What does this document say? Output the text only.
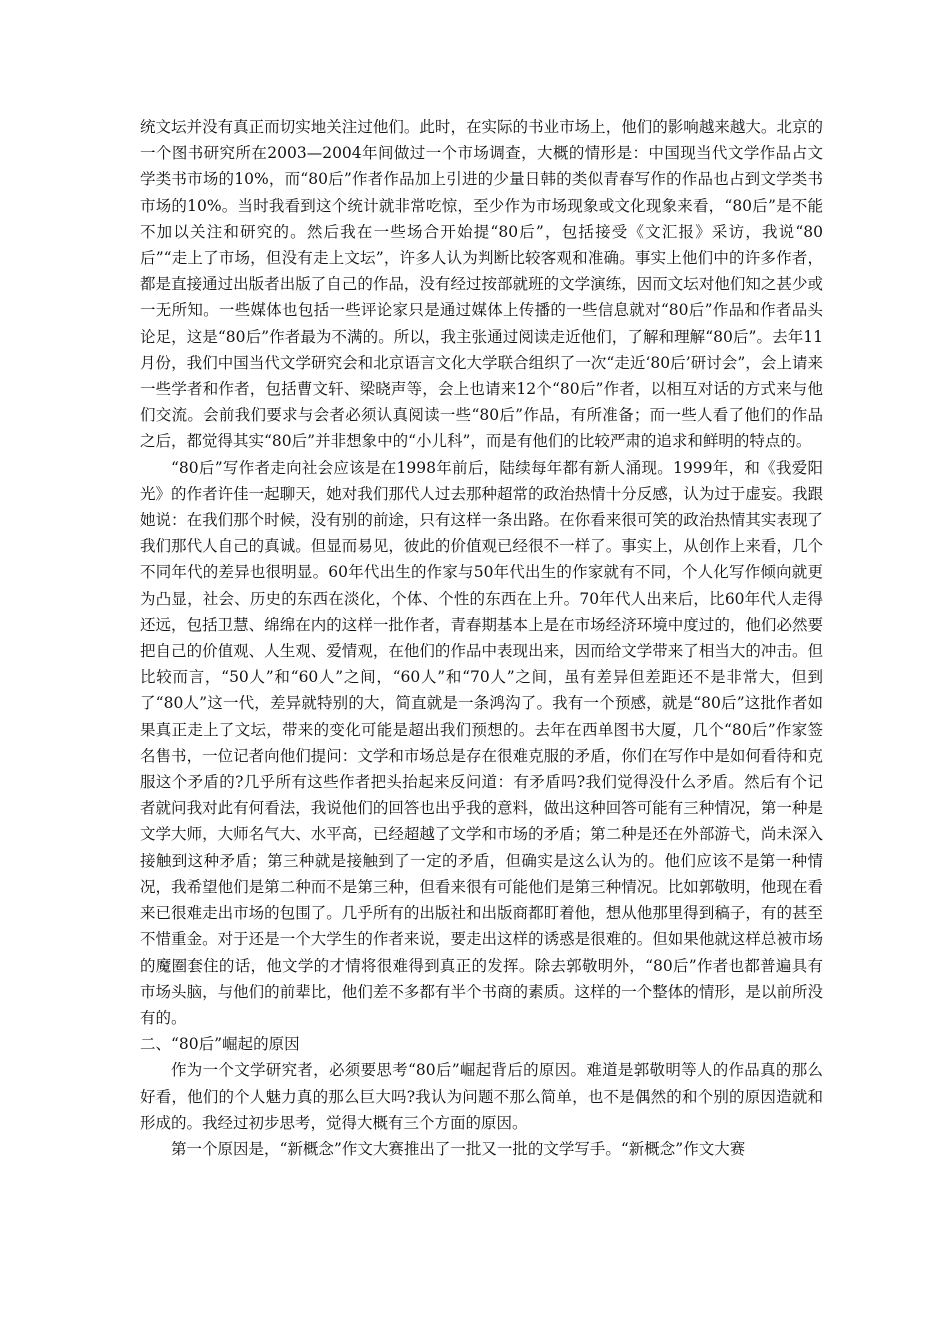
统文坛并没有真正而切实地关注过他们。此时，在实际的书业市场上，他们的影响越来越大。北京的一个图书研究所在2003—2004年间做过一个市场调查，大概的情形是：中国现当代文学作品占文学类书市场的10%，而“80后”作者作品加上引进的少量日韩的类似青春写作的作品也占到文学类书市场的10%。当时我看到这个统计就非常吃惊，至少作为市场现象或文化现象来看，“80后”是不能不加以关注和研究的。然后我在一些场合开始提“80后”，包括接受《文汇报》采访，我说“80后”“走上了市场，但没有走上文坛”，许多人认为判断比较客观和准确。事实上他们中的许多作者，都是直接通过出版者出版了自己的作品，没有经过按部就班的文学演练，因而文坛对他们知之甚少或一无所知。一些媒体也包括一些评论家只是通过媒体上传播的一些信息就对“80后”作品和作者品头论足，这是“80后”作者最为不满的。所以，我主张通过阅读走近他们，了解和理解“80后”。去年11月份，我们中国当代文学研究会和北京语言文化大学联合组织了一次“走近‘80后’研讨会”，会上请来一些学者和作者，包括曹文轩、梁晓声等，会上也请来12个“80后”作者，以相互对话的方式来与他们交流。会前我们要求与会者必须认真阅读一些“80后”作品，有所准备；而一些人看了他们的作品之后，都觉得其实“80后”并非想象中的“小儿科”，而是有他们的比较严肃的追求和鲜明的特点的。

“80后”写作者走向社会应该是在1998年前后，陆续每年都有新人涌现。1999年，和《我爱阳光》的作者许佳一起聊天，她对我们那代人过去那种超常的政治热情十分反感，认为过于虚妄。我跟她说：在我们那个时候，没有别的前途，只有这样一条出路。在你看来很可笑的政治热情其实表现了我们那代人自己的真诚。但显而易见，彼此的价值观已经很不一样了。事实上，从创作上来看，几个不同年代的差异也很明显。60年代出生的作家与50年代出生的作家就有不同，个人化写作倾向就更为凸显，社会、历史的东西在淡化，个体、个性的东西在上升。70年代人出来后，比60年代人走得还远，包括卫慧、绵绵在内的这样一批作者，青春期基本上是在市场经济环境中度过的，他们必然要把自己的价值观、人生观、爱情观，在他们的作品中表现出来，因而给文学带来了相当大的冲击。但比较而言，“50人”和“60人”之间，“60人”和“70人”之间，虽有差异但差距还不是非常大，但到了“80人”这一代，差异就特别的大，简直就是一条鸿沟了。我有一个预感，就是“80后”这批作者如果真正走上了文坛，带来的变化可能是超出我们预想的。去年在西单图书大厦，几个“80后”作家签名售书，一位记者向他们提问：文学和市场总是存在很难克服的矛盾，你们在写作中是如何看待和克服这个矛盾的?几乎所有这些作者把头抬起来反问道：有矛盾吗?我们觉得没什么矛盾。然后有个记者就问我对此有何看法，我说他们的回答也出乎我的意料，做出这种回答可能有三种情况，第一种是文学大师，大师名气大、水平高，已经超越了文学和市场的矛盾；第二种是还在外部游弋，尚未深入接触到这种矛盾；第三种就是接触到了一定的矛盾，但确实是这么认为的。他们应该不是第一种情况，我希望他们是第二种而不是第三种，但看来很有可能他们是第三种情况。比如郭敬明，他现在看来已很难走出市场的包围了。几乎所有的出版社和出版商都盯着他，想从他那里得到稿子，有的甚至不惜重金。对于还是一个大学生的作者来说，要走出这样的诱惑是很难的。但如果他就这样总被市场的魔圈套住的话，他文学的才情将很难得到真正的发挥。除去郭敬明外，“80后”作者也都普遍具有市场头脑，与他们的前辈比，他们差不多都有半个书商的素质。这样的一个整体的情形，是以前所没有的。

二、“80后”崛起的原因

作为一个文学研究者，必须要思考“80后”崛起背后的原因。难道是郭敬明等人的作品真的那么好看，他们的个人魅力真的那么巨大吗?我认为问题不那么简单，也不是偶然的和个别的原因造就和形成的。我经过初步思考，觉得大概有三个方面的原因。

第一个原因是，“新概念”作文大赛推出了一批又一批的文学写手。“新概念”作文大赛
